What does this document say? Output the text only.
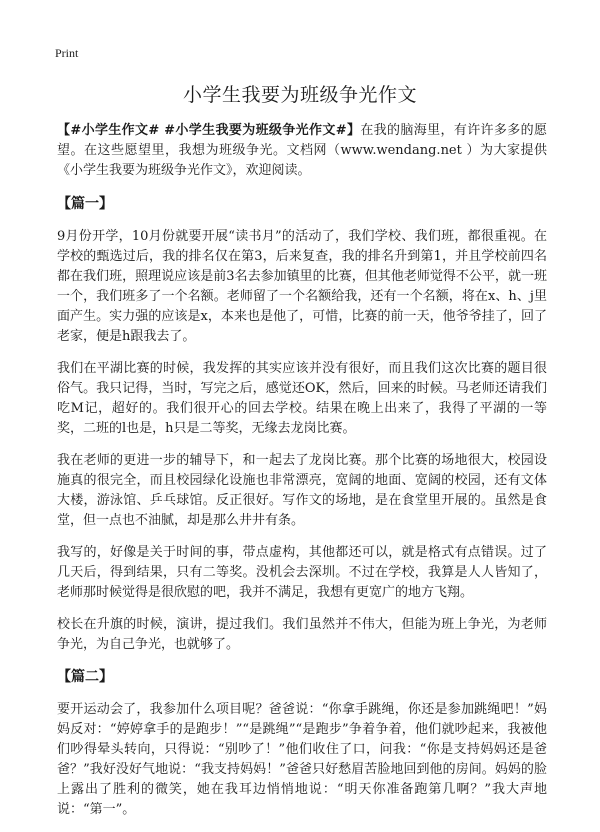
Print
小学生我要为班级争光作文

【#小学生作文# #小学生我要为班级争光作文#】在我的脑海里，有许许多多的愿望。在这些愿望里，我想为班级争光。文档网（www.wendang.net ）为大家提供《小学生我要为班级争光作文》，欢迎阅读。

【篇一】

9月份开学，10月份就要开展“读书月”的活动了，我们学校、我们班，都很重视。在学校的甄选过后，我的排名仅在第3，后来复查，我的排名升到第1，并且学校前四名都在我们班，照理说应该是前3名去参加镇里的比赛，但其他老师觉得不公平，就一班一个，我们班多了一个名额。老师留了一个名额给我，还有一个名额，将在x、h、j里面产生。实力强的应该是x，本来也是他了，可惜，比赛的前一天，他爷爷挂了，回了老家，便是h跟我去了。

我们在平湖比赛的时候，我发挥的其实应该并没有很好，而且我们这次比赛的题目很俗气。我只记得，当时，写完之后，感觉还OK，然后，回来的时候。马老师还请我们吃M记，超好的。我们很开心的回去学校。结果在晚上出来了，我得了平湖的一等奖，二班的l也是，h只是二等奖，无缘去龙岗比赛。

我在老师的更进一步的辅导下，和一起去了龙岗比赛。那个比赛的场地很大，校园设施真的很完全，而且校园绿化设施也非常漂亮，宽阔的地面、宽阔的校园，还有文体大楼，游泳馆、乒乓球馆。反正很好。写作文的场地，是在食堂里开展的。虽然是食堂，但一点也不油腻，却是那么井井有条。

我写的，好像是关于时间的事，带点虚构，其他都还可以，就是格式有点错误。过了几天后，得到结果，只有二等奖。没机会去深圳。不过在学校，我算是人人皆知了，老师那时候觉得是很欣慰的吧，我并不满足，我想有更宽广的地方飞翔。

校长在升旗的时候，演讲，提过我们。我们虽然并不伟大，但能为班上争光，为老师争光，为自己争光，也就够了。

【篇二】

要开运动会了，我参加什么项目呢？爸爸说：“你拿手跳绳，你还是参加跳绳吧！”妈妈反对：“婷婷拿手的是跑步！”“是跳绳”“是跑步”争着争着，他们就吵起来，我被他们吵得晕头转向，只得说：“别吵了！”他们收住了口，问我：“你是支持妈妈还是爸爸？”我好没好气地说：“我支持妈妈！”爸爸只好愁眉苦脸地回到他的房间。妈妈的脸上露出了胜利的微笑，她在我耳边悄悄地说：“明天你准备跑第几啊？”我大声地说：“第一”。
